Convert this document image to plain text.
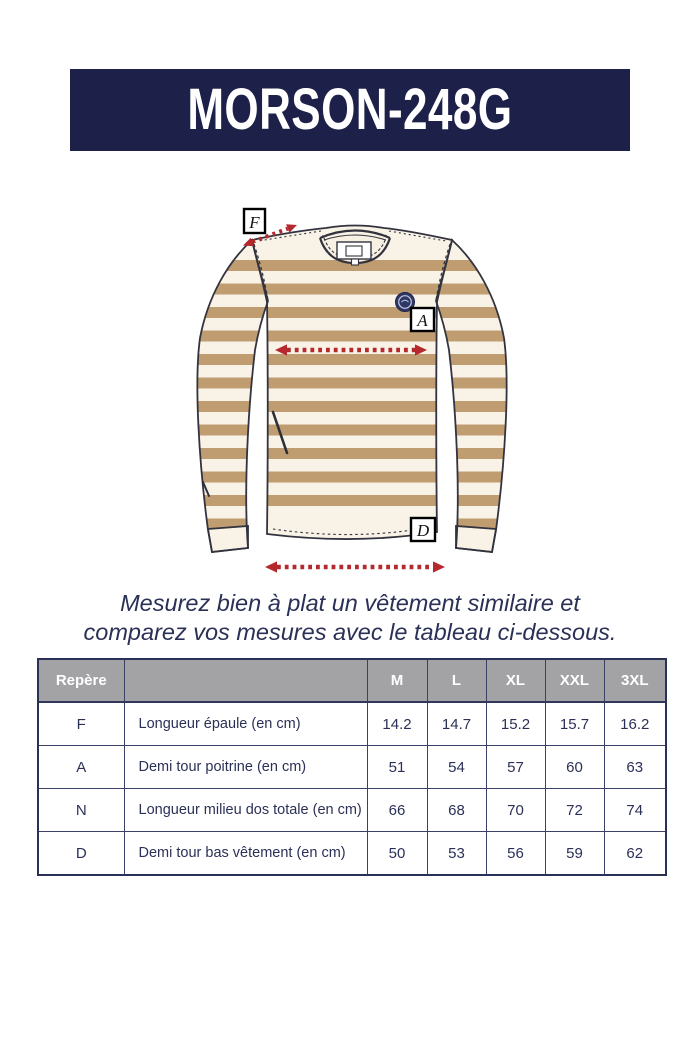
MORSON-248G
F
A
D

Mesurez bien à plat un vêtement similaire et
comparez vos mesures avec le tableau ci-dessous.

Repère		M	L	XL	XXL	3XL
F	Longueur épaule (en cm)	14.2	14.7	15.2	15.7	16.2
A	Demi tour poitrine (en cm)	51	54	57	60	63
N	Longueur milieu dos totale (en cm)	66	68	70	72	74
D	Demi tour bas vêtement (en cm)	50	53	56	59	62
